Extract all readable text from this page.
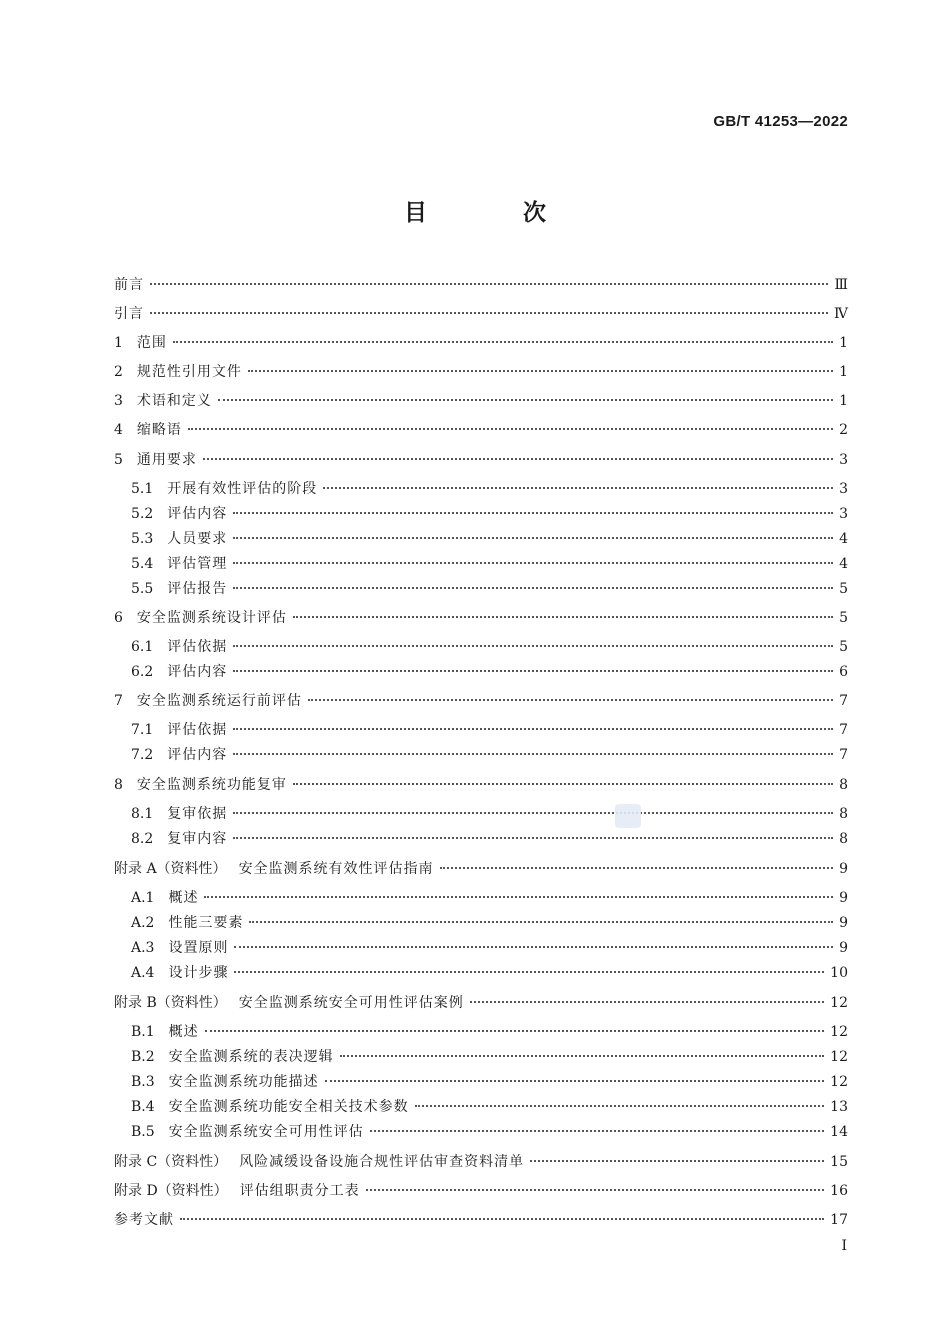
GB/T 41253—2022
目 次
前言	Ⅲ
引言	Ⅳ
1 范围	1
2 规范性引用文件	1
3 术语和定义	1
4 缩略语	2
5 通用要求	3
5.1 开展有效性评估的阶段	3
5.2 评估内容	3
5.3 人员要求	4
5.4 评估管理	4
5.5 评估报告	5
6 安全监测系统设计评估	5
6.1 评估依据	5
6.2 评估内容	6
7 安全监测系统运行前评估	7
7.1 评估依据	7
7.2 评估内容	7
8 安全监测系统功能复审	8
8.1 复审依据	8
8.2 复审内容	8
附录 A（资料性） 安全监测系统有效性评估指南	9
A.1 概述	9
A.2 性能三要素	9
A.3 设置原则	9
A.4 设计步骤	10
附录 B（资料性） 安全监测系统安全可用性评估案例	12
B.1 概述	12
B.2 安全监测系统的表决逻辑	12
B.3 安全监测系统功能描述	12
B.4 安全监测系统功能安全相关技术参数	13
B.5 安全监测系统安全可用性评估	14
附录 C（资料性） 风险减缓设备设施合规性评估审查资料清单	15
附录 D（资料性） 评估组职责分工表	16
参考文献	17
Ⅰ
